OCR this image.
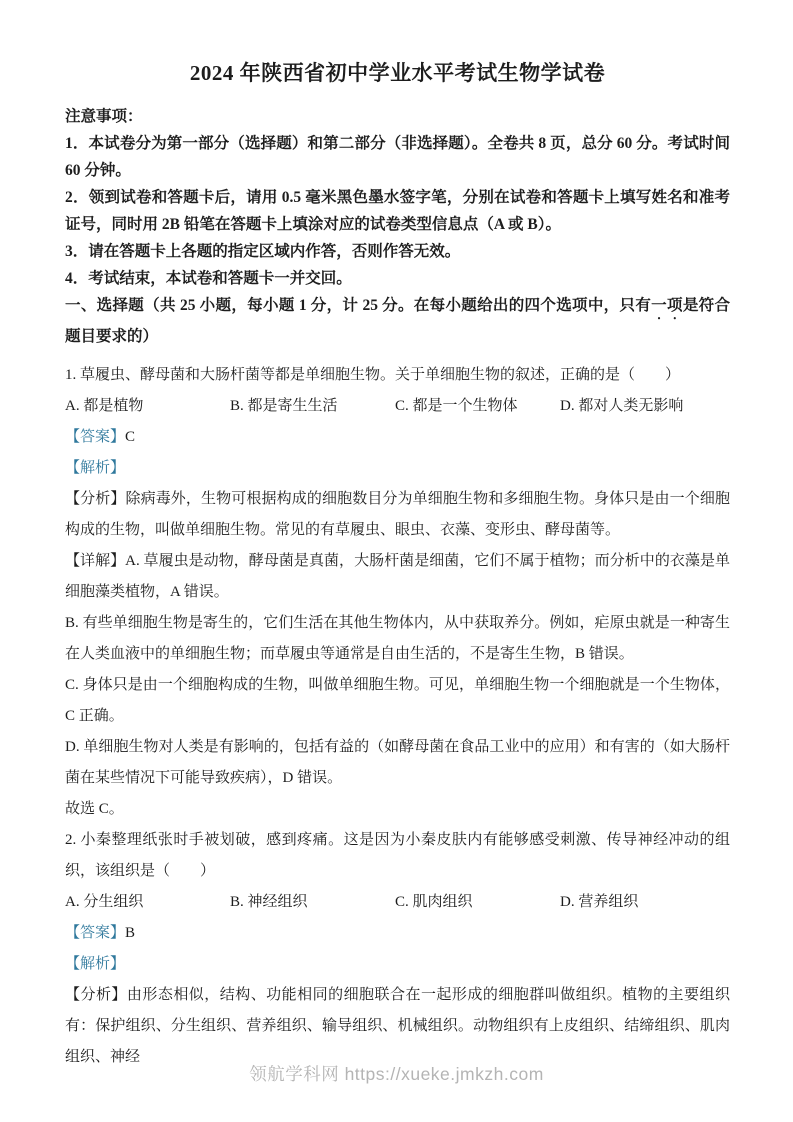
2024 年陕西省初中学业水平考试生物学试卷

注意事项：

1．本试卷分为第一部分（选择题）和第二部分（非选择题）。全卷共 8 页，总分 60 分。考试时间 60 分钟。

2．领到试卷和答题卡后，请用 0.5 毫米黑色墨水签字笔，分别在试卷和答题卡上填写姓名和准考证号，同时用 2B 铅笔在答题卡上填涂对应的试卷类型信息点（A 或 B）。

3．请在答题卡上各题的指定区域内作答，否则作答无效。

4．考试结束，本试卷和答题卡一并交回。

一、选择题（共 25 小题，每小题 1 分，计 25 分。在每小题给出的四个选项中，只有一项是符合题目要求的）

1. 草履虫、酵母菌和大肠杆菌等都是单细胞生物。关于单细胞生物的叙述，正确的是（　　）

A. 都是植物	B. 都是寄生生活	C. 都是一个生物体	D. 都对人类无影响

【答案】C

【解析】

【分析】除病毒外，生物可根据构成的细胞数目分为单细胞生物和多细胞生物。身体只是由一个细胞构成的生物，叫做单细胞生物。常见的有草履虫、眼虫、衣藻、变形虫、酵母菌等。

【详解】A. 草履虫是动物，酵母菌是真菌，大肠杆菌是细菌，它们不属于植物；而分析中的衣藻是单细胞藻类植物，A 错误。

B. 有些单细胞生物是寄生的，它们生活在其他生物体内，从中获取养分。例如，疟原虫就是一种寄生在人类血液中的单细胞生物；而草履虫等通常是自由生活的，不是寄生生物，B 错误。

C. 身体只是由一个细胞构成的生物，叫做单细胞生物。可见，单细胞生物一个细胞就是一个生物体，C 正确。

D. 单细胞生物对人类是有影响的，包括有益的（如酵母菌在食品工业中的应用）和有害的（如大肠杆菌在某些情况下可能导致疾病），D 错误。

故选 C。

2. 小秦整理纸张时手被划破，感到疼痛。这是因为小秦皮肤内有能够感受刺激、传导神经冲动的组织，该组织是（　　）

A. 分生组织	B. 神经组织	C. 肌肉组织	D. 营养组织

【答案】B

【解析】

【分析】由形态相似，结构、功能相同的细胞联合在一起形成的细胞群叫做组织。植物的主要组织有：保护组织、分生组织、营养组织、输导组织、机械组织。动物组织有上皮组织、结缔组织、肌肉组织、神经

领航学科网 https://xueke.jmkzh.com
